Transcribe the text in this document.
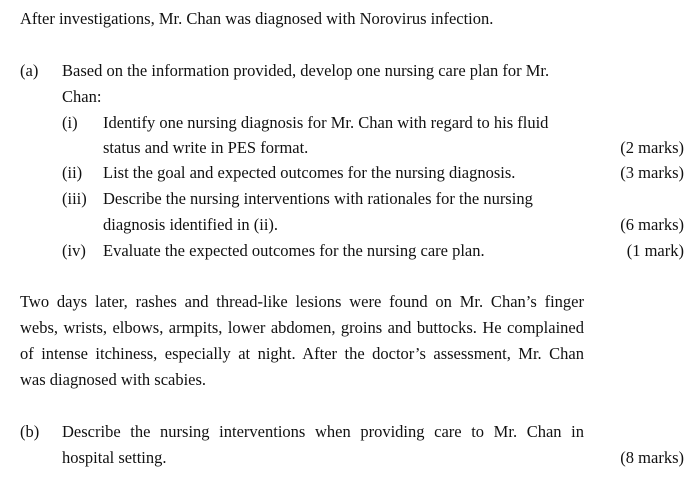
After investigations, Mr. Chan was diagnosed with Norovirus infection.
(a) Based on the information provided, develop one nursing care plan for Mr.
Chan:
(i) Identify one nursing diagnosis for Mr. Chan with regard to his fluid
status and write in PES format.	(2 marks)
(ii) List the goal and expected outcomes for the nursing diagnosis.	(3 marks)
(iii) Describe the nursing interventions with rationales for the nursing
diagnosis identified in (ii).	(6 marks)
(iv) Evaluate the expected outcomes for the nursing care plan.	(1 mark)
Two days later, rashes and thread-like lesions were found on Mr. Chan’s finger
webs, wrists, elbows, armpits, lower abdomen, groins and buttocks. He complained
of intense itchiness, especially at night. After the doctor’s assessment, Mr. Chan
was diagnosed with scabies.
(b) Describe the nursing interventions when providing care to Mr. Chan in
hospital setting.	(8 marks)
